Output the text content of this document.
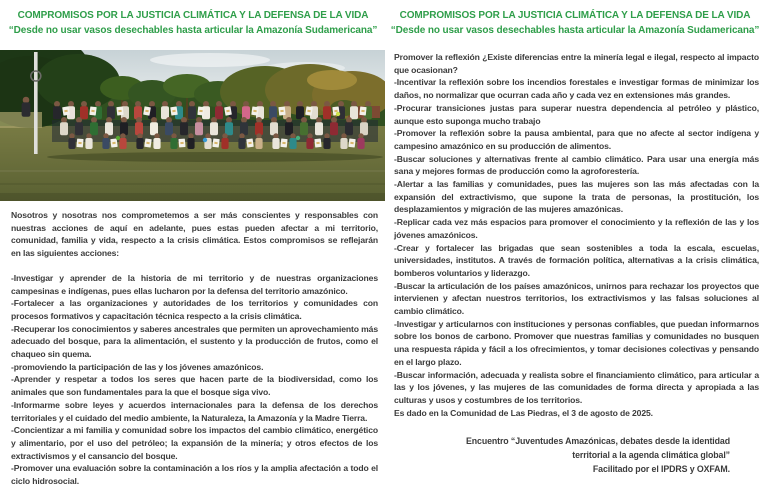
COMPROMISOS POR LA JUSTICIA CLIMÁTICA Y LA DEFENSA DE LA VIDA
“Desde no usar vasos desechables hasta articular la Amazonía Sudamericana”
COMPROMISOS POR LA JUSTICIA CLIMÁTICA Y LA DEFENSA DE LA VIDA
“Desde no usar vasos desechables hasta articular la Amazonía Sudamericana”

Nosotros y nosotras nos comprometemos a ser más conscientes y responsables con nuestras acciones de aquí en adelante, pues estas pueden afectar a mi territorio, comunidad, familia y vida, respecto a la crisis climática. Estos compromisos se reflejarán en las siguientes acciones:

-Investigar y aprender de la historia de mi territorio y de nuestras organizaciones campesinas e indígenas, pues ellas lucharon por la defensa del territorio amazónico.

-Fortalecer a las organizaciones y autoridades de los territorios y comunidades con procesos formativos y capacitación técnica respecto a la crisis climática.

-Recuperar los conocimientos y saberes ancestrales que permiten un aprovechamiento más adecuado del bosque, para la alimentación, el sustento y la producción de frutos, como el chaqueo sin quema.

-promoviendo la participación de las y los jóvenes amazónicos.

-Aprender y respetar a todos los seres que hacen parte de la biodiversidad, como los animales que son fundamentales para la que el bosque siga vivo.

-Informarme sobre leyes y acuerdos internacionales para la defensa de los derechos territoriales y el cuidado del medio ambiente, la Naturaleza, la Amazonía y la Madre Tierra.

-Concientizar a mi familia y comunidad sobre los impactos del cambio climático, energético y alimentario, por el uso del petróleo; la expansión de la minería; y otros efectos de los extractivismos y el cansancio del bosque.

-Promover una evaluación sobre la contaminación a los ríos y la amplia afectación a todo el ciclo hidrosocial.

Promover la reflexión ¿Existe diferencias entre la minería legal e ilegal, respecto al impacto que ocasionan?

-Incentivar la reflexión sobre los incendios forestales e investigar formas de minimizar los daños, no normalizar que ocurran cada año y cada vez en extensiones más grandes.

-Procurar transiciones justas para superar nuestra dependencia al petróleo y plástico, aunque esto suponga mucho trabajo

-Promover la reflexión sobre la pausa ambiental, para que no afecte al sector indígena y campesino amazónico en su producción de alimentos.

-Buscar soluciones y alternativas frente al cambio climático. Para usar una energía más sana y mejores formas de producción como la agroforestería.

-Alertar a las familias y comunidades, pues las mujeres son las más afectadas con la expansión del extractivismo, que supone la trata de personas, la prostitución, los desplazamientos y migración de las mujeres amazónicas.

-Replicar cada vez más espacios para promover el conocimiento y la reflexión de las y los jóvenes amazónicos.

-Crear y fortalecer las brigadas que sean sostenibles a toda la escala, escuelas, universidades, institutos. A través de formación política, alternativas a la crisis climática, bomberos voluntarios y liderazgo.

-Buscar la articulación de los países amazónicos, unirnos para rechazar los proyectos que intervienen y afectan nuestros territorios, los extractivismos y las falsas soluciones al cambio climático.

-Investigar y articularnos con instituciones y personas confiables, que puedan informarnos sobre los bonos de carbono. Promover que nuestras familias y comunidades no busquen una respuesta rápida y fácil a los ofrecimientos, y tomar decisiones colectivas y pensando en el largo plazo.

-Buscar información, adecuada y realista sobre el financiamiento climático, para articular a las y los jóvenes, y las mujeres de las comunidades de forma directa y apropiada a las culturas y usos y costumbres de los territorios.

Es dado en la Comunidad de Las Piedras, el 3 de agosto de 2025.

Encuentro “Juventudes Amazónicas, debates desde la identidad
territorial a la agenda climática global”
Facilitado por el IPDRS y OXFAM.
